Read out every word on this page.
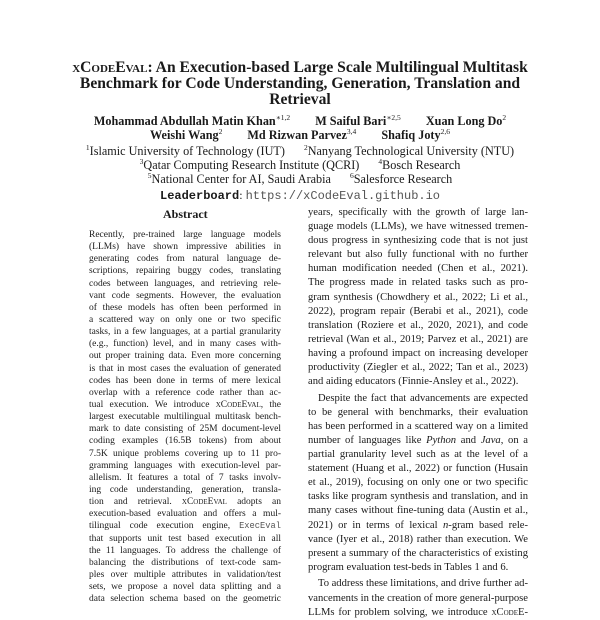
xCodeEval: An Execution-based Large Scale Multilingual Multitask
Benchmark for Code Understanding, Generation, Translation and
Retrieval
Mohammad Abdullah Matin Khan$^{∗1,2}$ M Saiful Bari$^{∗2,5}$ Xuan Long Do$^2$
Weishi Wang$^2$ Md Rizwan Parvez$^{3,4}$ Shafiq Joty$^{2,6}$
$^1$Islamic University of Technology (IUT)	$^2$Nanyang Technological University (NTU)
$^3$Qatar Computing Research Institute (QCRI)	$^4$Bosch Research
$^5$National Center for AI, Saudi Arabia	$^6$Salesforce Research
Leaderboard: https://xCodeEval.github.io
Abstract
Recently, pre-trained large language models
(LLMs) have shown impressive abilities in
generating codes from natural language de-
scriptions, repairing buggy codes, translating
codes between languages, and retrieving rele-
vant code segments. However, the evaluation
of these models has often been performed in
a scattered way on only one or two specific
tasks, in a few languages, at a partial granularity
(e.g., function) level, and in many cases with-
out proper training data. Even more concerning
is that in most cases the evaluation of generated
codes has been done in terms of mere lexical
overlap with a reference code rather than ac-
tual execution. We introduce xCodeEval, the
largest executable multilingual multitask bench-
mark to date consisting of 25M document-level
coding examples (16.5B tokens) from about
7.5K unique problems covering up to 11 pro-
gramming languages with execution-level par-
allelism. It features a total of 7 tasks involv-
ing code understanding, generation, transla-
tion and retrieval. xCodeEval adopts an
execution-based evaluation and offers a mul-
tilingual code execution engine, ExecEval
that supports unit test based execution in all
the 11 languages. To address the challenge of
balancing the distributions of text-code sam-
ples over multiple attributes in validation/test
sets, we propose a novel data splitting and a
data selection schema based on the geometric
years, specifically with the growth of large lan-
guage models (LLMs), we have witnessed tremen-
dous progress in synthesizing code that is not just
relevant but also fully functional with no further
human modification needed (Chen et al., 2021).
The progress made in related tasks such as pro-
gram synthesis (Chowdhery et al., 2022; Li et al.,
2022), program repair (Berabi et al., 2021), code
translation (Roziere et al., 2020, 2021), and code
retrieval (Wan et al., 2019; Parvez et al., 2021) are
having a profound impact on increasing developer
productivity (Ziegler et al., 2022; Tan et al., 2023)
and aiding educators (Finnie-Ansley et al., 2022).
Despite the fact that advancements are expected
to be general with benchmarks, their evaluation
has been performed in a scattered way on a limited
number of languages like Python and Java, on a
partial granularity level such as at the level of a
statement (Huang et al., 2022) or function (Husain
et al., 2019), focusing on only one or two specific
tasks like program synthesis and translation, and in
many cases without fine-tuning data (Austin et al.,
2021) or in terms of lexical n-gram based rele-
vance (Iyer et al., 2018) rather than execution. We
present a summary of the characteristics of existing
program evaluation test-beds in Tables 1 and 6.
To address these limitations, and drive further ad-
vancements in the creation of more general-purpose
LLMs for problem solving, we introduce xCodeE-
